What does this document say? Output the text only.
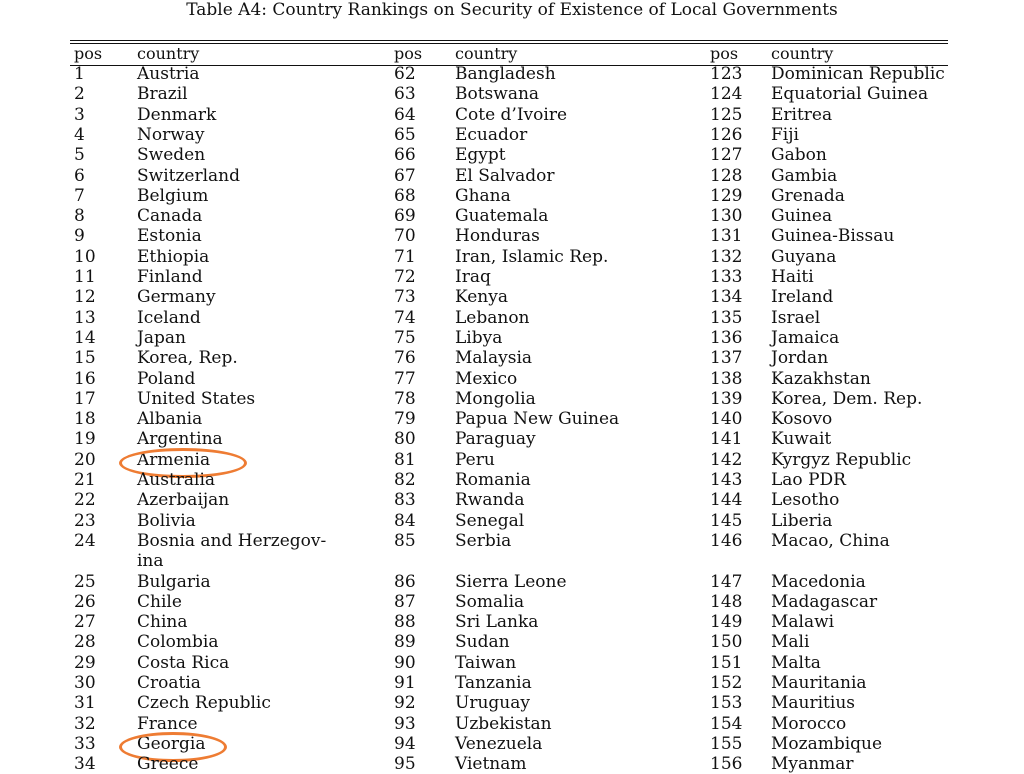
Table A4: Country Rankings on Security of Existence of Local Governments
pos country
1	Austria
2	Brazil
3	Denmark
4	Norway
5	Sweden
6	Switzerland
7	Belgium
8	Canada
9	Estonia
10 Ethiopia
11 Finland
12 Germany
13 Iceland
14 Japan
15 Korea, Rep.
16 Poland
17 United States
18 Albania
19 Argentina
20 Armenia
21 Australia
22 Azerbaijan
23 Bolivia
24 Bosnia and Herzegov-
ina
25 Bulgaria
26 Chile
27 China
28 Colombia
29 Costa Rica
30 Croatia
31 Czech Republic
32 France
33 Georgia
34 Greece
pos country
62 Bangladesh
63 Botswana
64 Cote d’Ivoire
65 Ecuador
66 Egypt
67 El Salvador
68 Ghana
69 Guatemala
70 Honduras
71 Iran, Islamic Rep.
72 Iraq
73 Kenya
74 Lebanon
75 Libya
76 Malaysia
77 Mexico
78 Mongolia
79 Papua New Guinea
80 Paraguay
81 Peru
82 Romania
83 Rwanda
84 Senegal
85 Serbia
86 Sierra Leone
87 Somalia
88 Sri Lanka
89 Sudan
90 Taiwan
91 Tanzania
92 Uruguay
93 Uzbekistan
94 Venezuela
95 Vietnam
pos country
123 Dominican Republic
124 Equatorial Guinea
125 Eritrea
126 Fiji
127 Gabon
128 Gambia
129 Grenada
130 Guinea
131 Guinea-Bissau
132 Guyana
133 Haiti
134 Ireland
135 Israel
136 Jamaica
137 Jordan
138 Kazakhstan
139 Korea, Dem. Rep.
140 Kosovo
141 Kuwait
142 Kyrgyz Republic
143 Lao PDR
144 Lesotho
145 Liberia
146 Macao, China
147 Macedonia
148 Madagascar
149 Malawi
150 Mali
151 Malta
152 Mauritania
153 Mauritius
154 Morocco
155 Mozambique
156 Myanmar
